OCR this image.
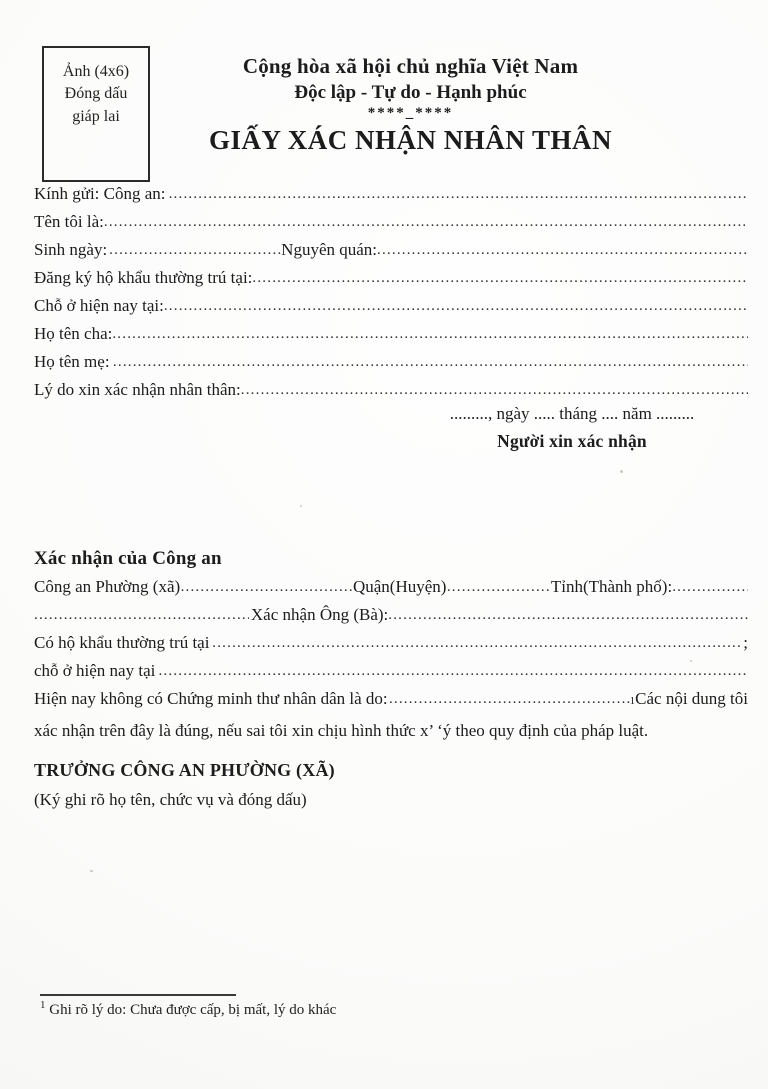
Ảnh (4x6)
Đóng dấu
giáp lai
Cộng hòa xã hội chủ nghĩa Việt Nam
Độc lập - Tự do - Hạnh phúc
****_****
GIẤY XÁC NHẬN NHÂN THÂN
Kính gửi: Công an:
.....
Tên tôi là:
.....
Sinh ngày: .....	Nguyên quán:
.....
Đăng ký hộ khẩu thường trú tại:
.....
Chỗ ở hiện nay tại:
.....
Họ tên cha:
.....
Họ tên mẹ:
.....
Lý do xin xác nhận nhân thân:
.....
........., ngày ..... tháng .... năm .........
Người xin xác nhận
Xác nhận của Công an
Công an Phường (xã) .....	Quận(Huyện) .....	Tỉnh(Thành phố):
.....
.....
Xác nhận Ông (Bà):
.....
Có hộ khẩu thường trú tại .....	;
chỗ ở hiện nay tại
.....
Hiện nay không có Chứng minh thư nhân dân là do: .....	1 Các nội dung tôi
xác nhận trên đây là đúng, nếu sai tôi xin chịu hình thức x’ ‘ý theo quy định của pháp luật.
TRƯỞNG CÔNG AN PHƯỜNG (XÃ)
(Ký ghi rõ họ tên, chức vụ và đóng dấu)
$^1$ Ghi rõ lý do: Chưa được cấp, bị mất, lý do khác
